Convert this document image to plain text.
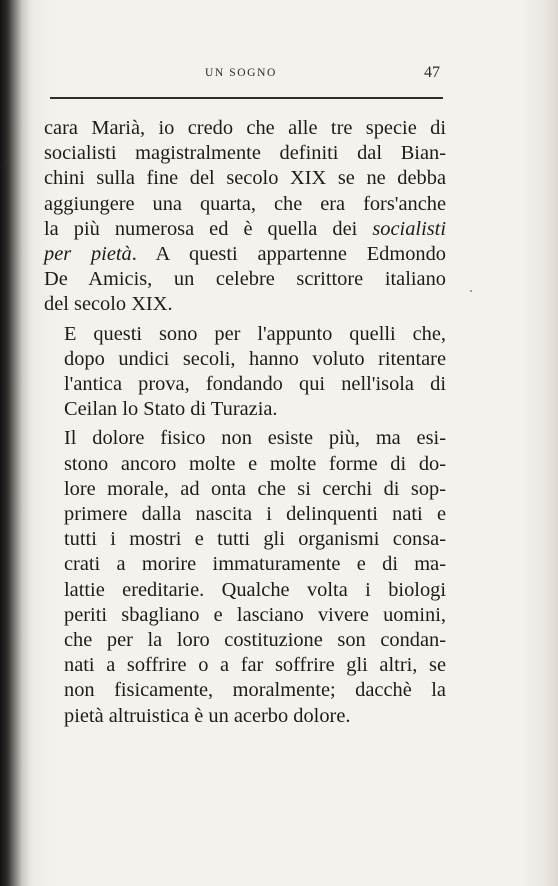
UN SOGNO	47

cara Marià, io credo che alle tre specie di
socialisti magistralmente definiti dal Bian-
chini sulla fine del secolo XIX se ne debba
aggiungere una quarta, che era fors'anche
la più numerosa ed è quella dei socialisti
per pietà. A questi appartenne Edmondo
De Amicis, un celebre scrittore italiano
del secolo XIX.

E questi sono per l'appunto quelli che,
dopo undici secoli, hanno voluto ritentare
l'antica prova, fondando qui nell'isola di
Ceilan lo Stato di Turazia.

Il dolore fisico non esiste più, ma esi-
stono ancoro molte e molte forme di do-
lore morale, ad onta che si cerchi di sop-
primere dalla nascita i delinquenti nati e
tutti i mostri e tutti gli organismi consa-
crati a morire immaturamente e di ma-
lattie ereditarie. Qualche volta i biologi
periti sbagliano e lasciano vivere uomini,
che per la loro costituzione son condan-
nati a soffrire o a far soffrire gli altri, se
non fisicamente, moralmente; dacchè la
pietà altruistica è un acerbo dolore.
